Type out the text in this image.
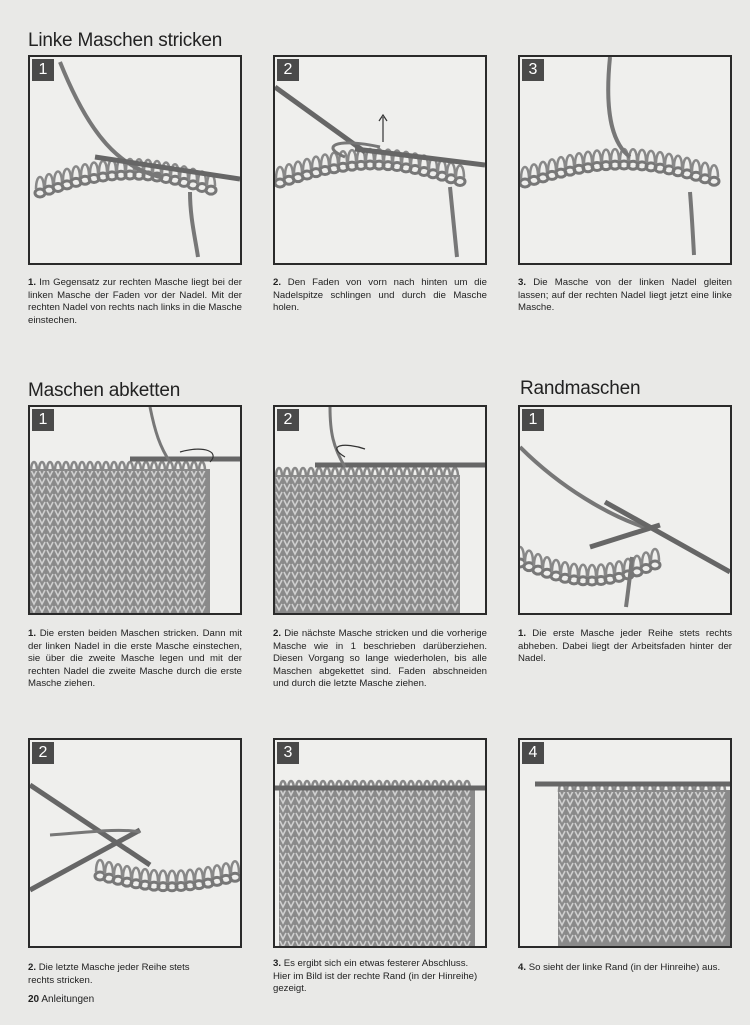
Linke Maschen stricken
Maschen abketten	Randmaschen
1	2	3
1. Im Gegensatz zur rechten Masche liegt bei der linken Masche der Faden vor der Nadel. Mit der rechten Nadel von rechts nach links in die Masche einstechen.
2. Den Faden von vorn nach hinten um die Nadelspitze schlingen und durch die Masche holen.
3. Die Masche von der linken Nadel gleiten lassen; auf der rechten Nadel liegt jetzt eine linke Masche.
1	2	1
1. Die ersten beiden Maschen stricken. Dann mit der linken Nadel in die erste Masche einstechen, sie über die zweite Masche legen und mit der rechten Nadel die zweite Masche durch die erste Masche ziehen.
2. Die nächste Masche stricken und die vorherige Masche wie in 1 beschrieben darüberziehen. Diesen Vorgang so lange wiederholen, bis alle Maschen abgekettet sind. Faden abschneiden und durch die letzte Masche ziehen.
1. Die erste Masche jeder Reihe stets rechts abheben. Dabei liegt der Arbeitsfaden hinter der Nadel.
2	3	4
2. Die letzte Masche jeder Reihe stets rechts stricken.
3. Es ergibt sich ein etwas festerer Abschluss. Hier im Bild ist der rechte Rand (in der Hinreihe) gezeigt.
4. So sieht der linke Rand (in der Hinreihe) aus.
20 Anleitungen
